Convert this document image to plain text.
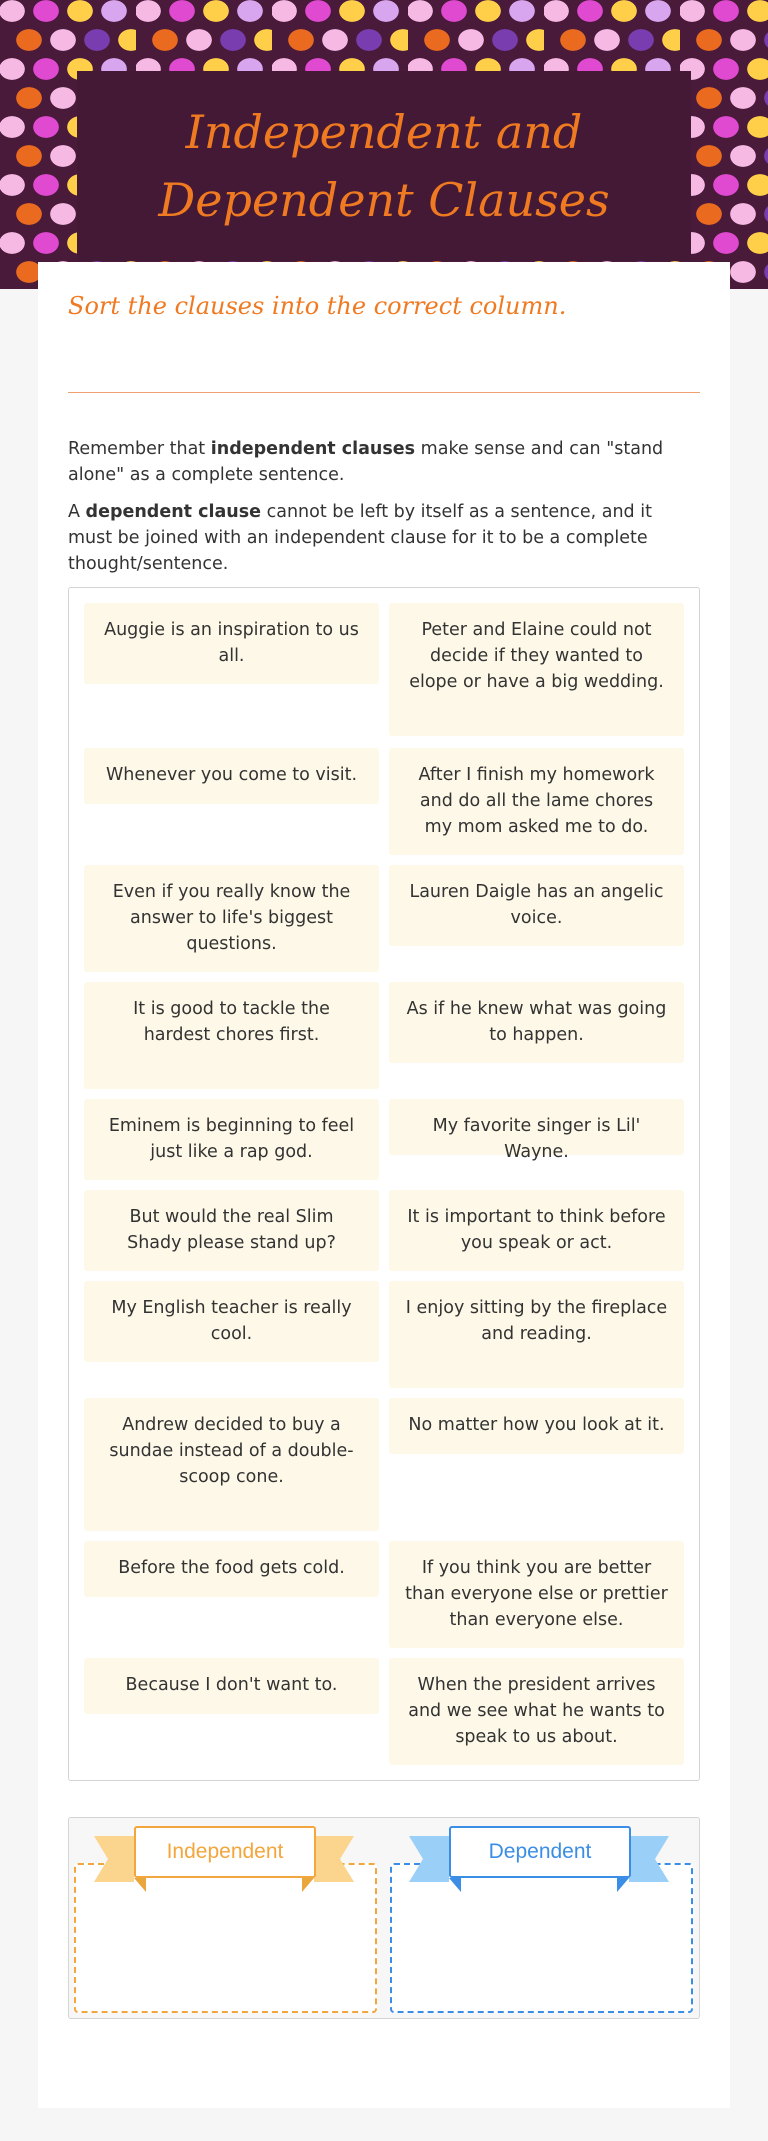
Independent and Dependent Clauses
Sort the clauses into the correct column.
Remember that independent clauses make sense and can "stand alone" as a complete sentence.
A dependent clause cannot be left by itself as a sentence, and it must be joined with an independent clause for it to be a complete thought/sentence.
Auggie is an inspiration to us all.
Peter and Elaine could not decide if they wanted to elope or have a big wedding.
Whenever you come to visit.	After I finish my homework and do all the lame chores my mom asked me to do.
Even if you really know the answer to life's biggest questions.
Lauren Daigle has an angelic voice.
It is good to tackle the hardest chores first.
As if he knew what was going to happen.
Eminem is beginning to feel just like a rap god.
My favorite singer is Lil' Wayne.
But would the real Slim Shady please stand up?
It is important to think before you speak or act.
My English teacher is really cool.
I enjoy sitting by the fireplace and reading.
Andrew decided to buy a sundae instead of a double-scoop cone.
No matter how you look at it.
Before the food gets cold.	If you think you are better than everyone else or prettier than everyone else.
Because I don't want to.	When the president arrives and we see what he wants to speak to us about.
Independent	Dependent
